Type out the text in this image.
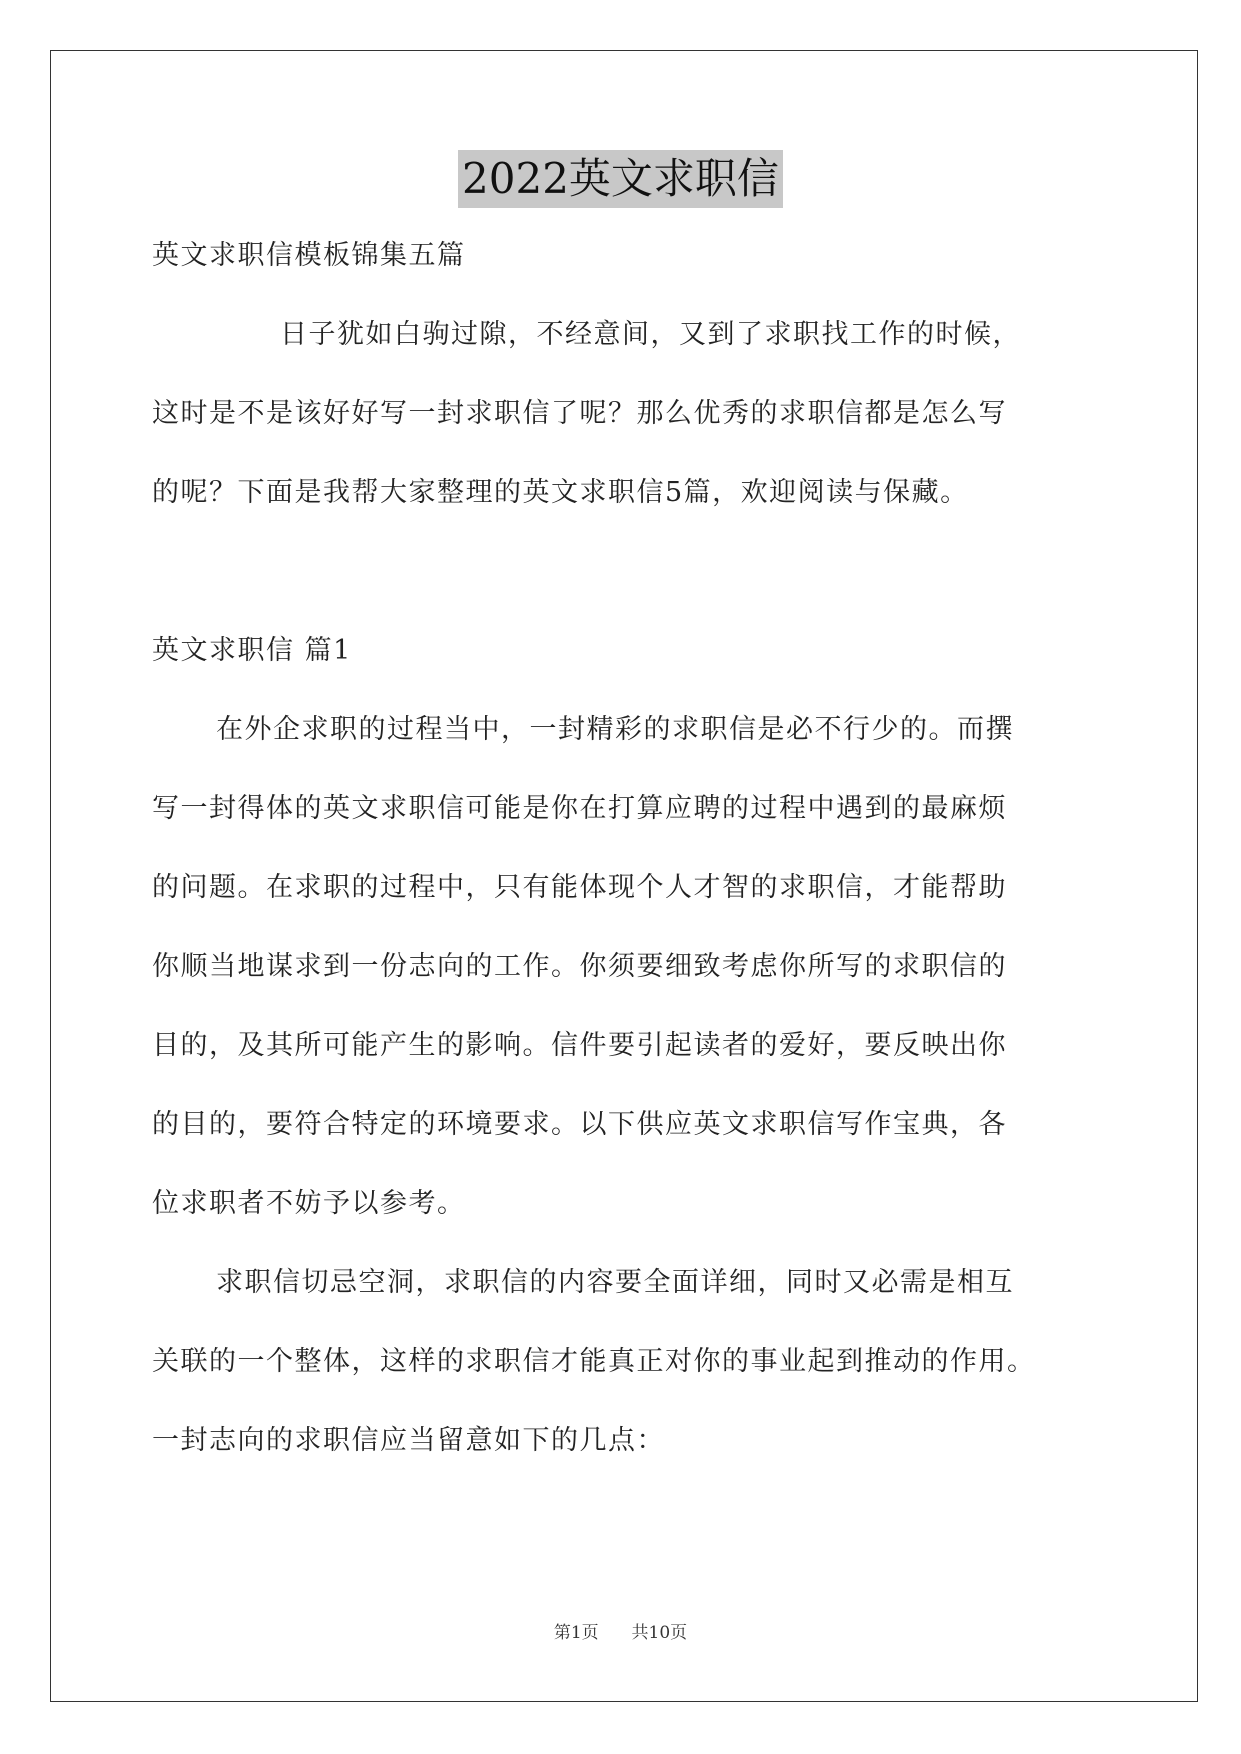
2022英文求职信
英文求职信模板锦集五篇
日子犹如白驹过隙，不经意间，又到了求职找工作的时候，
这时是不是该好好写一封求职信了呢？那么优秀的求职信都是怎么写
的呢？下面是我帮大家整理的英文求职信5篇，欢迎阅读与保藏。
英文求职信 篇1
在外企求职的过程当中，一封精彩的求职信是必不行少的。而撰
写一封得体的英文求职信可能是你在打算应聘的过程中遇到的最麻烦
的问题。在求职的过程中，只有能体现个人才智的求职信，才能帮助
你顺当地谋求到一份志向的工作。你须要细致考虑你所写的求职信的
目的，及其所可能产生的影响。信件要引起读者的爱好，要反映出你
的目的，要符合特定的环境要求。以下供应英文求职信写作宝典，各
位求职者不妨予以参考。
求职信切忌空洞，求职信的内容要全面详细，同时又必需是相互
关联的一个整体，这样的求职信才能真正对你的事业起到推动的作用。
一封志向的求职信应当留意如下的几点：
第1页 共10页
